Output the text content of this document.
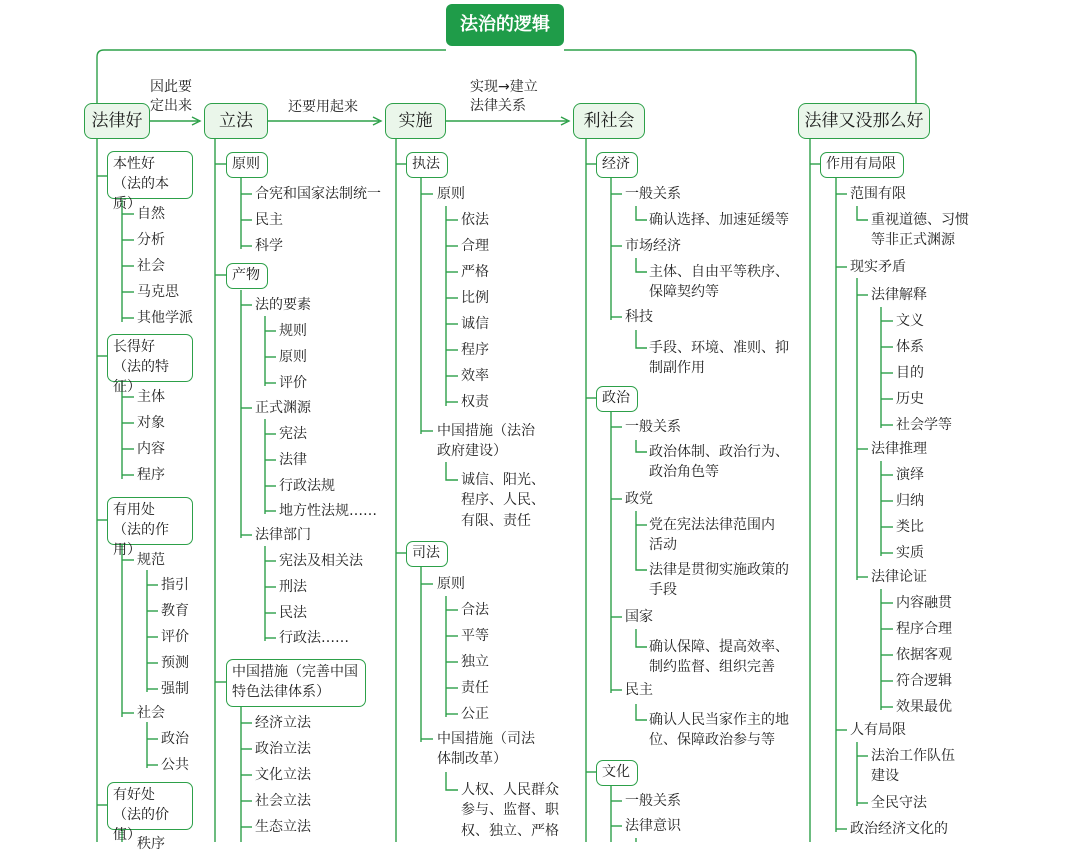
法治的逻辑
因此要
定出来	还要用起来
实现→建立
法律关系
法律好	立法	实施	利社会	法律又没那么好
本性好
（法的本质）
自然
分析
社会
马克思
其他学派
长得好
（法的特征）
主体
对象
内容
程序
有用处
（法的作用）
规范
指引
教育
评价
预测
强制
社会
政治
公共
有好处
（法的价值）
秩序
原则
合宪和国家法制统一
民主
科学
产物
法的要素
规则
原则
评价
正式渊源
宪法
法律
行政法规
地方性法规……
法律部门
宪法及相关法
刑法
民法
行政法……
中国措施（完善中国
特色法律体系）
经济立法
政治立法
文化立法
社会立法
生态立法
执法
原则
依法
合理
严格
比例
诚信
程序
效率
权责
中国措施（法治
政府建设）
诚信、阳光、
程序、人民、
有限、责任
司法
原则
合法
平等
独立
责任
公正
中国措施（司法
体制改革）
人权、人民群众
参与、监督、职
权、独立、严格
经济
一般关系
确认选择、加速延缓等
市场经济
主体、自由平等秩序、
保障契约等
科技
手段、环境、准则、抑
制副作用
政治
一般关系
政治体制、政治行为、
政治角色等
政党
党在宪法法律范围内
活动
法律是贯彻实施政策的
手段
国家
确认保障、提高效率、
制约监督、组织完善
民主
确认人民当家作主的地
位、保障政治参与等
文化
一般关系
法律意识
作用有局限
范围有限
重视道德、习惯
等非正式渊源
现实矛盾
法律解释
文义
体系
目的
历史
社会学等
法律推理
演绎
归纳
类比
实质
法律论证
内容融贯
程序合理
依据客观
符合逻辑
效果最优
人有局限
法治工作队伍
建设
全民守法
政治经济文化的
